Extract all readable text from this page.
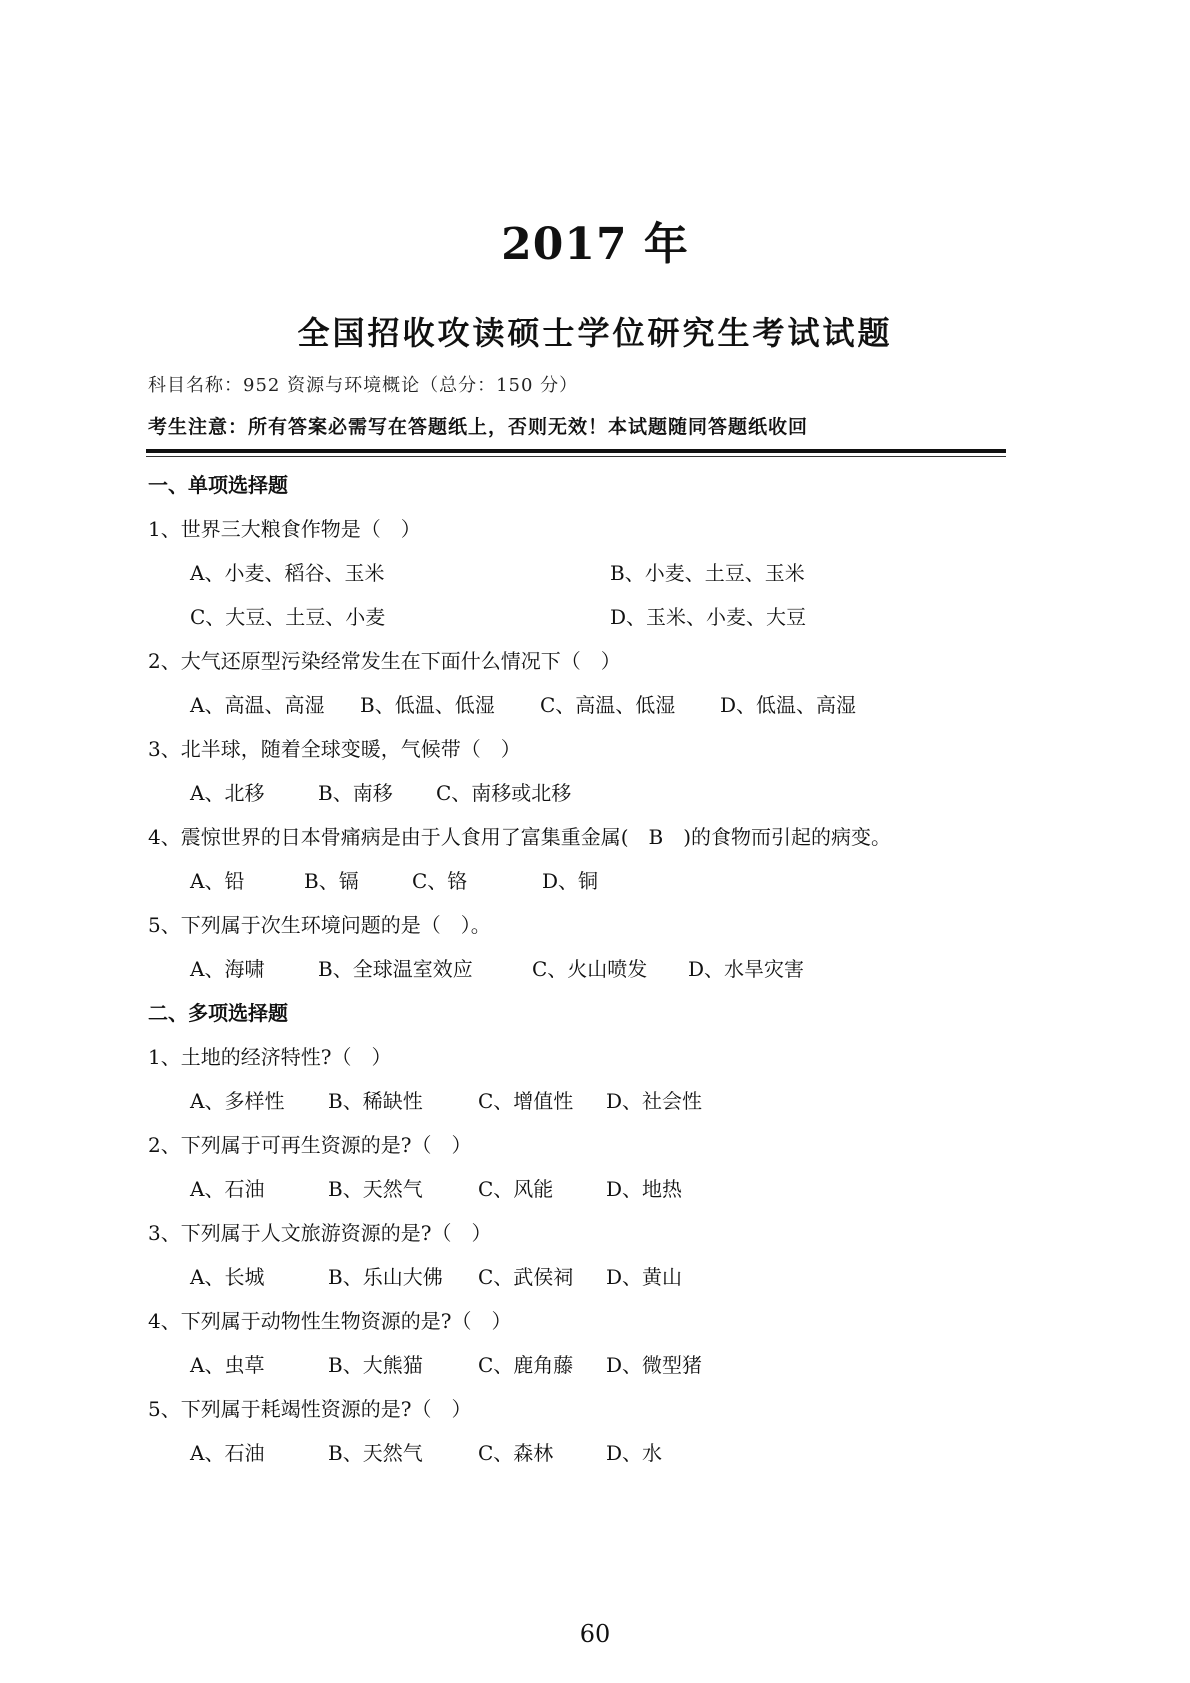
2017 年
全国招收攻读硕士学位研究生考试试题
科目名称：952 资源与环境概论（总分：150 分）
考生注意：所有答案必需写在答题纸上，否则无效！本试题随同答题纸收回
一、单项选择题
1、世界三大粮食作物是（　）
A、小麦、稻谷、玉米	B、小麦、土豆、玉米
C、大豆、土豆、小麦	D、玉米、小麦、大豆
2、大气还原型污染经常发生在下面什么情况下（　）
A、高温、高湿 B、低温、低湿 C、高温、低湿 D、低温、高湿
3、北半球，随着全球变暖，气候带（　）
A、北移	B、南移 C、南移或北移
4、震惊世界的日本骨痛病是由于人食用了富集重金属(　B　)的食物而引起的病变。
A、铅	B、镉	C、铬	D、铜
5、下列属于次生环境问题的是（　）。
A、海啸	B、全球温室效应	C、火山喷发 D、水旱灾害
二、多项选择题
1、土地的经济特性?（　）
A、多样性 B、稀缺性	C、增值性 D、社会性
2、下列属于可再生资源的是?（　）
A、石油	B、天然气	C、风能	D、地热
3、下列属于人文旅游资源的是?（　）
A、长城	B、乐山大佛 C、武侯祠 D、黄山
4、下列属于动物性生物资源的是?（　）
A、虫草	B、大熊猫	C、鹿角藤 D、微型猪
5、下列属于耗竭性资源的是?（　）
A、石油	B、天然气	C、森林	D、水
60
